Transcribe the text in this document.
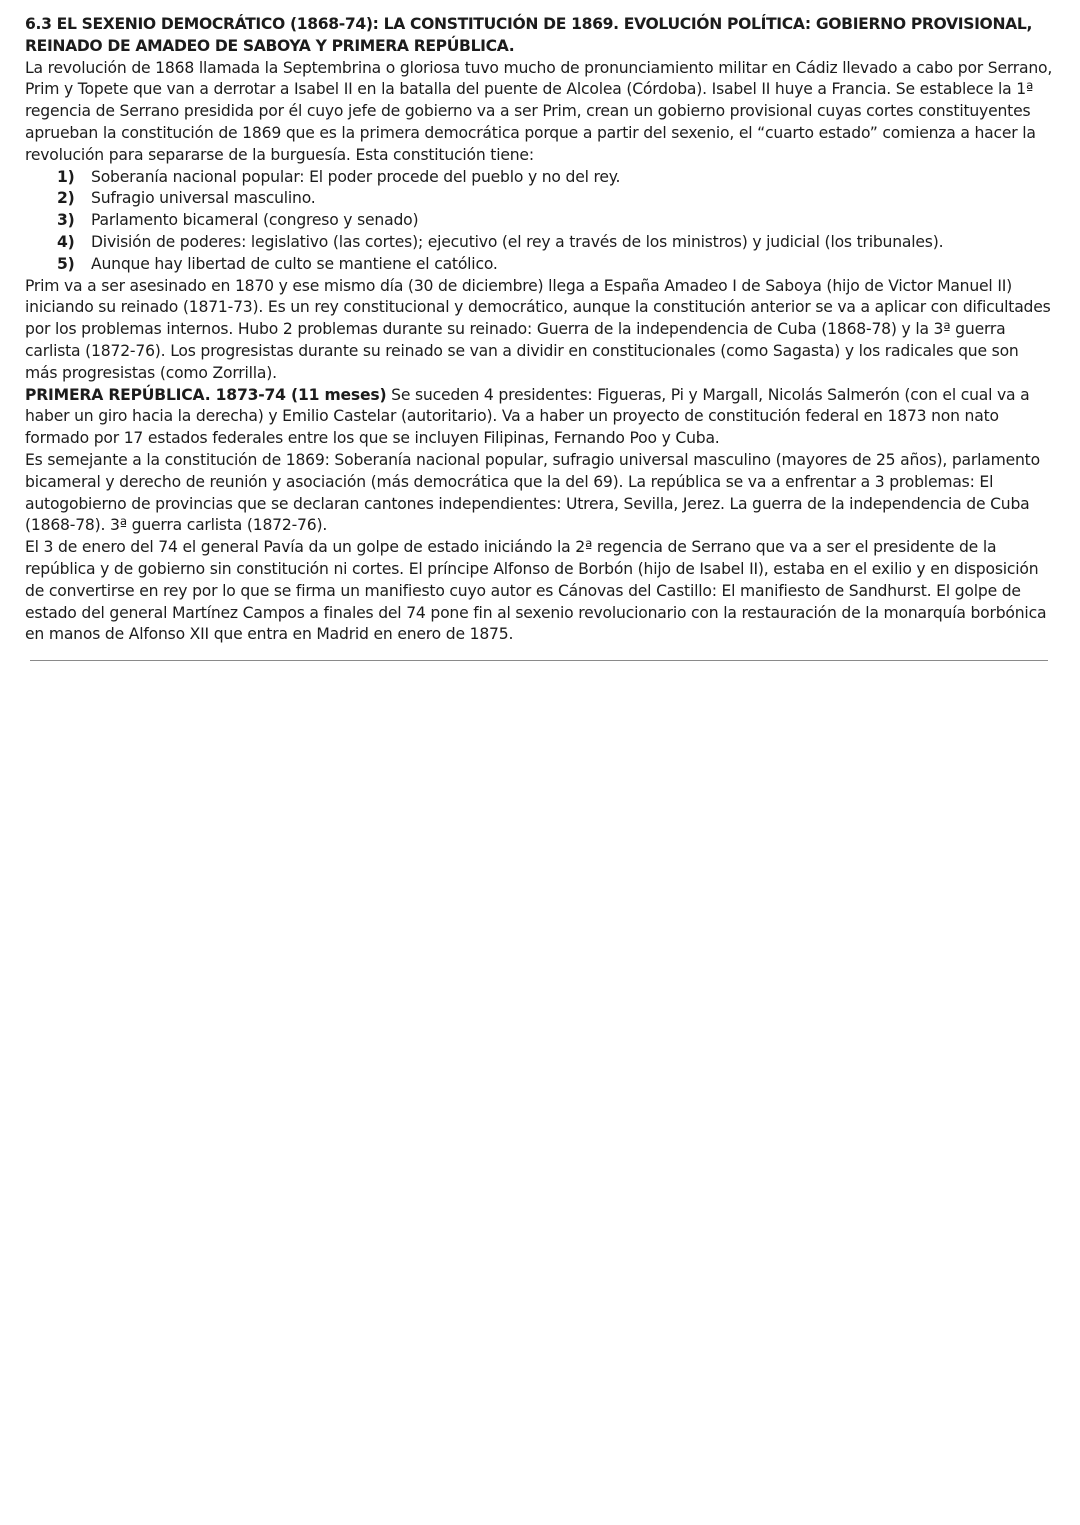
6.3 EL SEXENIO DEMOCRÁTICO (1868-74): LA CONSTITUCIÓN DE 1869. EVOLUCIÓN POLÍTICA: GOBIERNO PROVISIONAL, REINADO DE AMADEO DE SABOYA Y PRIMERA REPÚBLICA.

La revolución de 1868 llamada la Septembrina o gloriosa tuvo mucho de pronunciamiento militar en Cádiz llevado a cabo por Serrano, Prim y Topete que van a derrotar a Isabel II en la batalla del puente de Alcolea (Córdoba). Isabel II huye a Francia. Se establece la 1ª regencia de Serrano presidida por él cuyo jefe de gobierno va a ser Prim, crean un gobierno provisional cuyas cortes constituyentes aprueban la constitución de 1869 que es la primera democrática porque a partir del sexenio, el “cuarto estado” comienza a hacer la revolución para separarse de la burguesía. Esta constitución tiene:

1)	Soberanía nacional popular: El poder procede del pueblo y no del rey.
2)	Sufragio universal masculino.
3)	Parlamento bicameral (congreso y senado)
4)	División de poderes: legislativo (las cortes); ejecutivo (el rey a través de los ministros) y judicial (los tribunales).
5)	Aunque hay libertad de culto se mantiene el católico.

Prim va a ser asesinado en 1870 y ese mismo día (30 de diciembre) llega a España Amadeo I de Saboya (hijo de Victor Manuel II) iniciando su reinado (1871-73). Es un rey constitucional y democrático, aunque la constitución anterior se va a aplicar con dificultades por los problemas internos. Hubo 2 problemas durante su reinado: Guerra de la independencia de Cuba (1868-78) y la 3ª guerra carlista (1872-76). Los progresistas durante su reinado se van a dividir en constitucionales (como Sagasta) y los radicales que son más progresistas (como Zorrilla).

PRIMERA REPÚBLICA. 1873-74 (11 meses) Se suceden 4 presidentes: Figueras, Pi y Margall, Nicolás Salmerón (con el cual va a haber un giro hacia la derecha) y Emilio Castelar (autoritario). Va a haber un proyecto de constitución federal en 1873 non nato formado por 17 estados federales entre los que se incluyen Filipinas, Fernando Poo y Cuba.

Es semejante a la constitución de 1869: Soberanía nacional popular, sufragio universal masculino (mayores de 25 años), parlamento bicameral y derecho de reunión y asociación (más democrática que la del 69). La república se va a enfrentar a 3 problemas: El autogobierno de provincias que se declaran cantones independientes: Utrera, Sevilla, Jerez. La guerra de la independencia de Cuba (1868-78). 3ª guerra carlista (1872-76).

El 3 de enero del 74 el general Pavía da un golpe de estado iniciándo la 2ª regencia de Serrano que va a ser el presidente de la república y de gobierno sin constitución ni cortes. El príncipe Alfonso de Borbón (hijo de Isabel II), estaba en el exilio y en disposición de convertirse en rey por lo que se firma un manifiesto cuyo autor es Cánovas del Castillo: El manifiesto de Sandhurst. El golpe de estado del general Martínez Campos a finales del 74 pone fin al sexenio revolucionario con la restauración de la monarquía borbónica en manos de Alfonso XII que entra en Madrid en enero de 1875.
